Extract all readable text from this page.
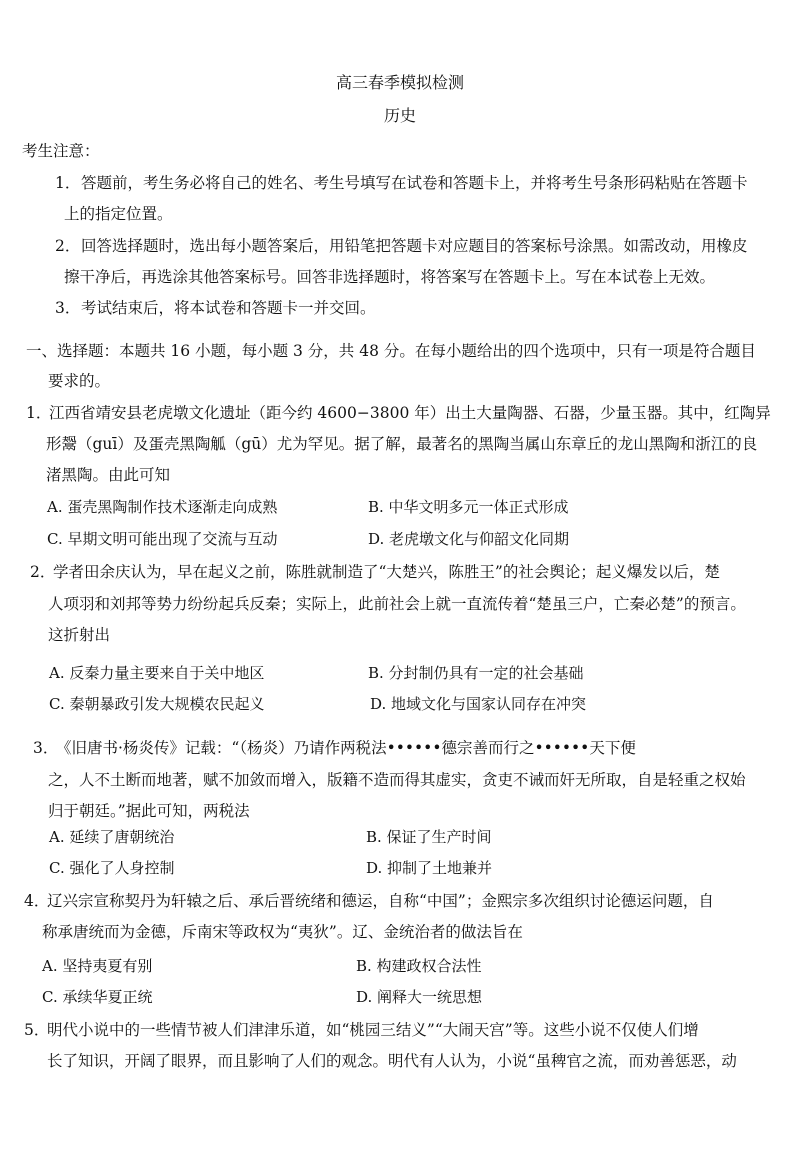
高三春季模拟检测
历史
考生注意：
1． 答题前，考生务必将自己的姓名、考生号填写在试卷和答题卡上，并将考生号条形码粘贴在答题卡
上的指定位置。
2． 回答选择题时，选出每小题答案后，用铅笔把答题卡对应题目的答案标号涂黑。如需改动，用橡皮
擦干净后，再选涂其他答案标号。回答非选择题时，将答案写在答题卡上。写在本试卷上无效。
3． 考试结束后，将本试卷和答题卡一并交回。
一、选择题：本题共 16 小题，每小题 3 分，共 48 分。在每小题给出的四个选项中，只有一项是符合题目
要求的。
1．
江西省靖安县老虎墩文化遗址（距今约 4600−3800 年）出土大量陶器、石器，少量玉器。其中，红陶异
形鬶（guī）及蛋壳黑陶觚（gū）尤为罕见。据了解，最著名的黑陶当属山东章丘的龙山黑陶和浙江的良
渚黑陶。由此可知
A. 蛋壳黑陶制作技术逐渐走向成熟	B. 中华文明多元一体正式形成
C. 早期文明可能出现了交流与互动	D. 老虎墩文化与仰韶文化同期
2．
学者田余庆认为，早在起义之前，陈胜就制造了“大楚兴，陈胜王”的社会舆论；起义爆发以后，楚
人项羽和刘邦等势力纷纷起兵反秦；实际上，此前社会上就一直流传着“楚虽三户，亡秦必楚”的预言。
这折射出
A. 反秦力量主要来自于关中地区	B. 分封制仍具有一定的社会基础
C. 秦朝暴政引发大规模农民起义	D. 地域文化与国家认同存在冲突
3．
《旧唐书·杨炎传》记载：“（杨炎）乃请作两税法••••••德宗善而行之••••••天下便
之，人不土断而地著，赋不加敛而增入，版籍不造而得其虚实，贪吏不诫而奸无所取，自是轻重之权始
归于朝廷。”据此可知，两税法
A. 延续了唐朝统治	B. 保证了生产时间
C. 强化了人身控制	D. 抑制了土地兼并
4．
辽兴宗宣称契丹为轩辕之后、承后晋统绪和德运，自称“中国”；金熙宗多次组织讨论德运问题，自
称承唐统而为金德，斥南宋等政权为“夷狄”。辽、金统治者的做法旨在
A. 坚持夷夏有别	B. 构建政权合法性
C. 承续华夏正统	D. 阐释大一统思想
5．
明代小说中的一些情节被人们津津乐道，如“桃园三结义”“大闹天宫”等。这些小说不仅使人们增
长了知识，开阔了眼界，而且影响了人们的观念。明代有人认为，小说“虽稗官之流，而劝善惩恶，动
